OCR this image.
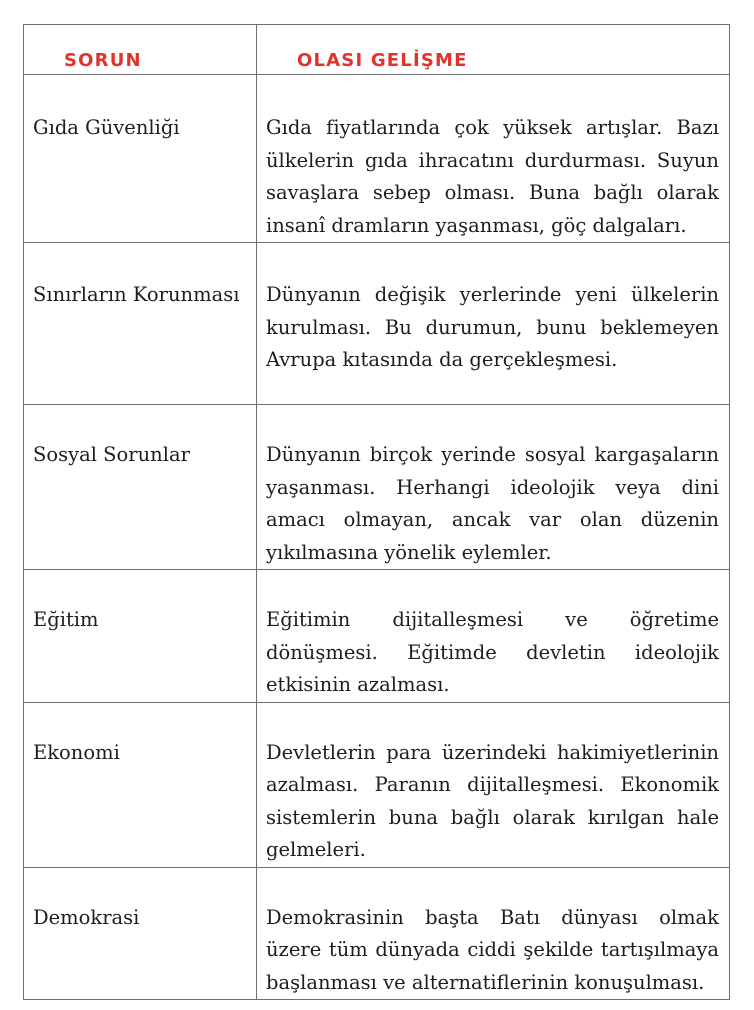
SORUN	OLASI GELİŞME

Gıda Güvenliği	Gıda fiyatlarında çok yüksek artışlar. Bazı ülkelerin gıda ihracatını durdurması. Suyun savaşlara sebep olması. Buna bağlı olarak insanî dramların yaşanması, göç dalgaları.

Sınırların Korunması	Dünyanın değişik yerlerinde yeni ülkelerin kurulması. Bu durumun, bunu beklemeyen Avrupa kıtasında da gerçekleşmesi.

Sosyal Sorunlar	Dünyanın birçok yerinde sosyal kargaşaların yaşanması. Herhangi ideolojik veya dini amacı olmayan, ancak var olan düzenin yıkılmasına yönelik eylemler.

Eğitim	Eğitimin dijitalleşmesi ve öğretime dönüşmesi. Eğitimde devletin ideolojik etkisinin azalması.

Ekonomi	Devletlerin para üzerindeki hakimiyetlerinin azalması. Paranın dijitalleşmesi. Ekonomik sistemlerin buna bağlı olarak kırılgan hale gelmeleri.

Demokrasi	Demokrasinin başta Batı dünyası olmak üzere tüm dünyada ciddi şekilde tartışılmaya başlanması ve alternatiflerinin konuşulması.
